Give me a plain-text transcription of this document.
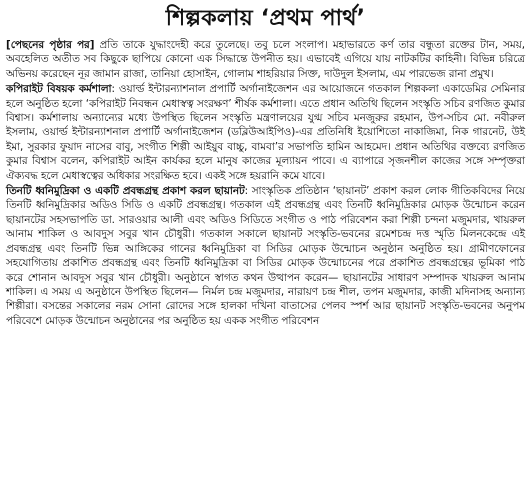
শিল্পকলায় ‘প্রথম পার্থ’

[পেছনের পৃষ্ঠার পর] প্রতি তাকে যুদ্ধাংদেহী করে তুলেছে। তবু চলে সংলাপ। মহাভারতে কর্ণ তার বন্ধুতা রক্তের টান, সময়, অবহেলিত অতীত সব কিছুকে ছাপিয়ে কোনো এক সিদ্ধান্তে উপনীত হয়। এভাবেই এগিয়ে যায় নাটকটির কাহিনী। বিভিন্ন চরিত্রে অভিনয় করেছেন নূর জামান রাজা, তানিয়া হোসাইন, গোলাম শাহরিয়ার সিক্ত, দাউদুল ইসলাম, এম পারভেজ রানা প্রমুখ।

কপিরাইট বিষয়ক কর্মশালা: ওয়ার্ল্ড ইন্টারন্যাশনাল প্রপার্টি অর্গানাইজেশন এর আয়োজনে গতকাল শিল্পকলা একাডেমির সেমিনার হলে অনুষ্ঠিত হলো ‘কপিরাইট নিবন্ধন মেধাস্বত্ব সংরক্ষণ’ শীর্ষক কর্মশালা। এতে প্রধান অতিথি ছিলেন সংস্কৃতি সচিব রণজিত কুমার বিশ্বাস। কর্মশালায় অন্যান্যের মধ্যে উপস্থিত ছিলেন সংস্কৃতি মন্ত্রণালয়ের যুগ্ম সচিব মনজুরুর রহমান, উপ-সচিব মো. নবীরুল ইসলাম, ওয়ার্ল্ড ইন্টারন্যাশনাল প্রপার্টি অর্গানাইজেশন (ডব্লিউআইপিও)-এর প্রতিনিধি ইয়োশিতো নাকাজিমা, নিক গারনেট, উই ইমা, সুরকার ফুয়াদ নাসের বাবু, সংগীত শিল্পী আইয়ুব বাচ্চু, বামবা’র সভাপতি হামিন আহমেদ। প্রধান অতিথির বক্তব্যে রণজিত কুমার বিশ্বাস বলেন, কপিরাইট আইন কার্যকর হলে মানুষ কাজের মূল্যায়ন পাবে। এ ব্যাপারে সৃজনশীল কাজের সঙ্গে সম্পৃক্তরা ঐক্যবদ্ধ হলে মেধাস্বত্বের অধিকার সংরক্ষিত হবে। একই সঙ্গে হয়রানি কমে যাবে।

তিনটি ধ্বনিমুদ্রিকা ও একটি প্রবন্ধগ্রন্থ প্রকাশ করল ছায়ানট: সাংস্কৃতিক প্রতিষ্ঠান ‘ছায়ানট’ প্রকাশ করল লোক গীতিকবিদের নিয়ে তিনটি ধ্বনিমুদ্রিকার অডিও সিডি ও একটি প্রবন্ধগ্রন্থ। গতকাল এই প্রবন্ধগ্রন্থ এবং তিনটি ধ্বনিমুদ্রিকার মোড়ক উন্মোচন করেন ছায়ানটের সহসভাপতি ডা. সারওয়ার আলী এবং অডিও সিডিতে সংগীত ও পাঠ পরিবেশন করা শিল্পী চন্দনা মজুমদার, খায়রুল আনাম শাকিল ও আবদুস সবুর খান চৌধুরী। গতকাল সকালে ছায়ানট সংস্কৃতি-ভবনের রমেশচন্দ্র দত্ত স্মৃতি মিলনকেন্দ্রে এই প্রবন্ধগ্রন্থ এবং তিনটি ভিন্ন আঙ্গিকের গানের ধ্বনিমুদ্রিকা বা সিডির মোড়ক উন্মোচন অনুষ্ঠান অনুষ্ঠিত হয়। গ্রামীণফোনের সহযোগিতায় প্রকাশিত প্রবন্ধগ্রন্থ এবং তিনটি ধ্বনিমুদ্রিকা বা সিডির মোড়ক উন্মোচনের পরে প্রকাশিত প্রবন্ধগ্রন্থের ভূমিকা পাঠ করে শোনান আবদুস সবুর খান চৌধুরী। অনুষ্ঠানে স্বাগত কথন উত্থাপন করেন— ছায়ানটের সাধারণ সম্পাদক খায়রুল আনাম শাকিল। এ সময় এ অনুষ্ঠানে উপস্থিত ছিলেন— নির্মল চন্দ্র মজুমদার, নারায়ণ চন্দ্র শীল, তপন মজুমদার, কাজী মদিনাসহ অন্যান্য শিল্পীরা। বসন্তের সকালের নরম সোনা রোদের সঙ্গে হালকা দখিনা বাতাসের পেলব স্পর্শ আর ছায়ানট সংস্কৃতি-ভবনের অনুপম পরিবেশে মোড়ক উন্মোচন অনুষ্ঠানের পর অনুষ্ঠিত হয় একক সংগীত পরিবেশন
